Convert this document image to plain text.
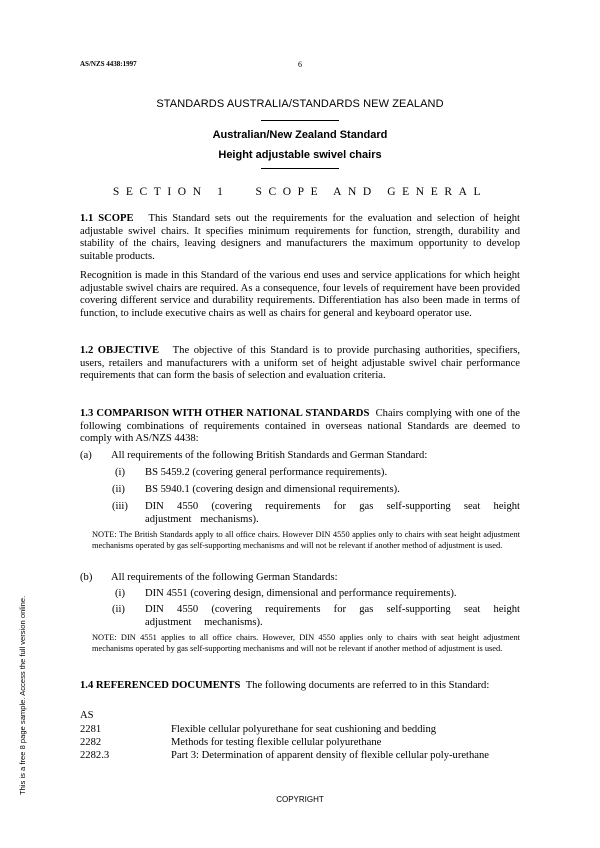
AS/NZS 4438:1997	6
STANDARDS AUSTRALIA/STANDARDS NEW ZEALAND
Australian/New Zealand Standard
Height adjustable swivel chairs
SECTION 1 SCOPE AND GENERAL

1.1 SCOPE This Standard sets out the requirements for the evaluation and selection of height adjustable swivel chairs. It specifies minimum requirements for function, strength, durability and stability of the chairs, leaving designers and manufacturers the maximum opportunity to develop suitable products.

Recognition is made in this Standard of the various end uses and service applications for which height adjustable swivel chairs are required. As a consequence, four levels of requirement have been provided covering different service and durability requirements. Differentiation has also been made in terms of function, to include executive chairs as well as chairs for general and keyboard operator use.

1.2 OBJECTIVE The objective of this Standard is to provide purchasing authorities, specifiers, users, retailers and manufacturers with a uniform set of height adjustable swivel chair performance requirements that can form the basis of selection and evaluation criteria.

1.3 COMPARISON WITH OTHER NATIONAL STANDARDS Chairs complying with one of the following combinations of requirements contained in overseas national Standards are deemed to comply with AS/NZS 4438:

(a) All requirements of the following British Standards and German Standard:
(i) BS 5459.2 (covering general performance requirements).
(ii) BS 5940.1 (covering design and dimensional requirements).
(iii) DIN 4550 (covering requirements for gas self-supporting seat height adjustment mechanisms).
NOTE: The British Standards apply to all office chairs. However DIN 4550 applies only to chairs with seat height adjustment mechanisms operated by gas self-supporting mechanisms and will not be relevant if another method of adjustment is used.
(b) All requirements of the following German Standards:
(i) DIN 4551 (covering design, dimensional and performance requirements).
(ii) DIN 4550 (covering requirements for gas self-supporting seat height adjustment mechanisms).
NOTE: DIN 4551 applies to all office chairs. However, DIN 4550 applies only to chairs with seat height adjustment mechanisms operated by gas self-supporting mechanisms and will not be relevant if another method of adjustment is used.

1.4 REFERENCED DOCUMENTS The following documents are referred to in this Standard:

AS
2281	Flexible cellular polyurethane for seat cushioning and bedding
2282	Methods for testing flexible cellular polyurethane
2282.3	Part 3: Determination of apparent density of flexible cellular poly-urethane
COPYRIGHT
This is a free 8 page sample. Access the full version online.
